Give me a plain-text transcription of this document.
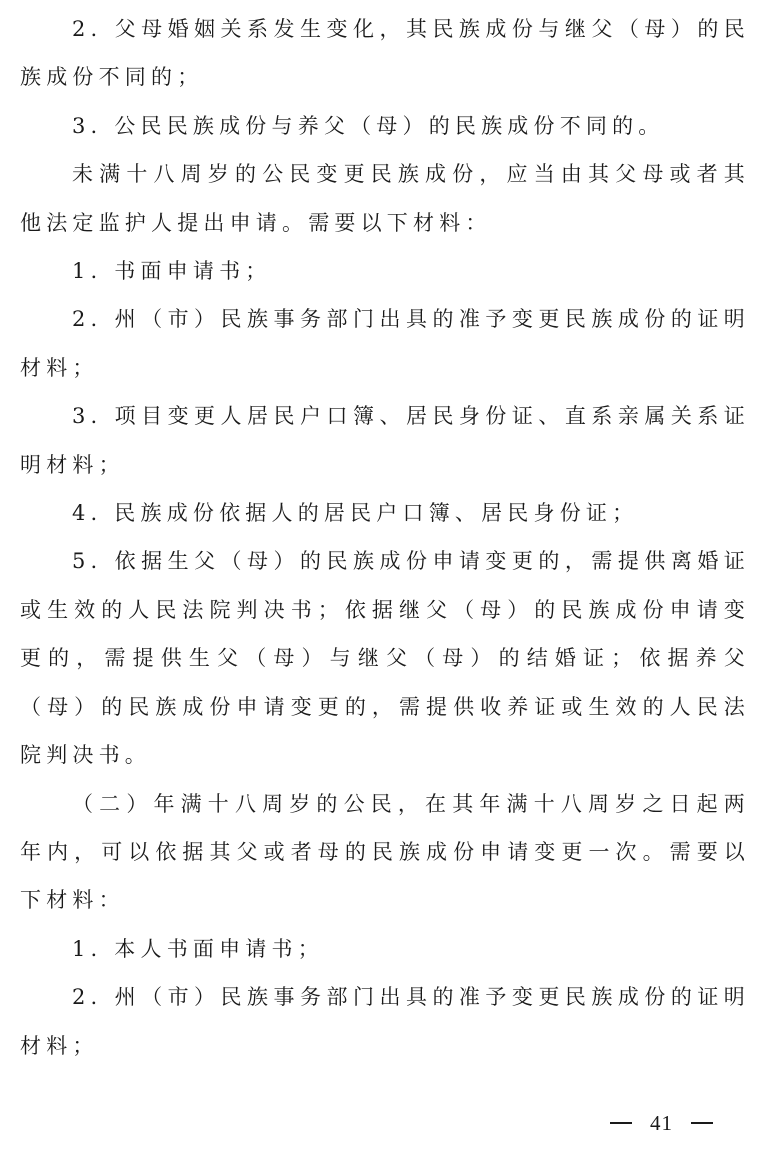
2. 父母婚姻关系发生变化，其民族成份与继父（母）的民族成份不同的；

3. 公民民族成份与养父（母）的民族成份不同的。

未满十八周岁的公民变更民族成份，应当由其父母或者其他法定监护人提出申请。需要以下材料：

1. 书面申请书；

2. 州（市）民族事务部门出具的准予变更民族成份的证明材料；

3. 项目变更人居民户口簿、居民身份证、直系亲属关系证明材料；

4. 民族成份依据人的居民户口簿、居民身份证；

5. 依据生父（母）的民族成份申请变更的，需提供离婚证或生效的人民法院判决书；依据继父（母）的民族成份申请变更的，需提供生父（母）与继父（母）的结婚证；依据养父（母）的民族成份申请变更的，需提供收养证或生效的人民法院判决书。

（二）年满十八周岁的公民，在其年满十八周岁之日起两年内，可以依据其父或者母的民族成份申请变更一次。需要以下材料：

1. 本人书面申请书；

2. 州（市）民族事务部门出具的准予变更民族成份的证明材料；

41
